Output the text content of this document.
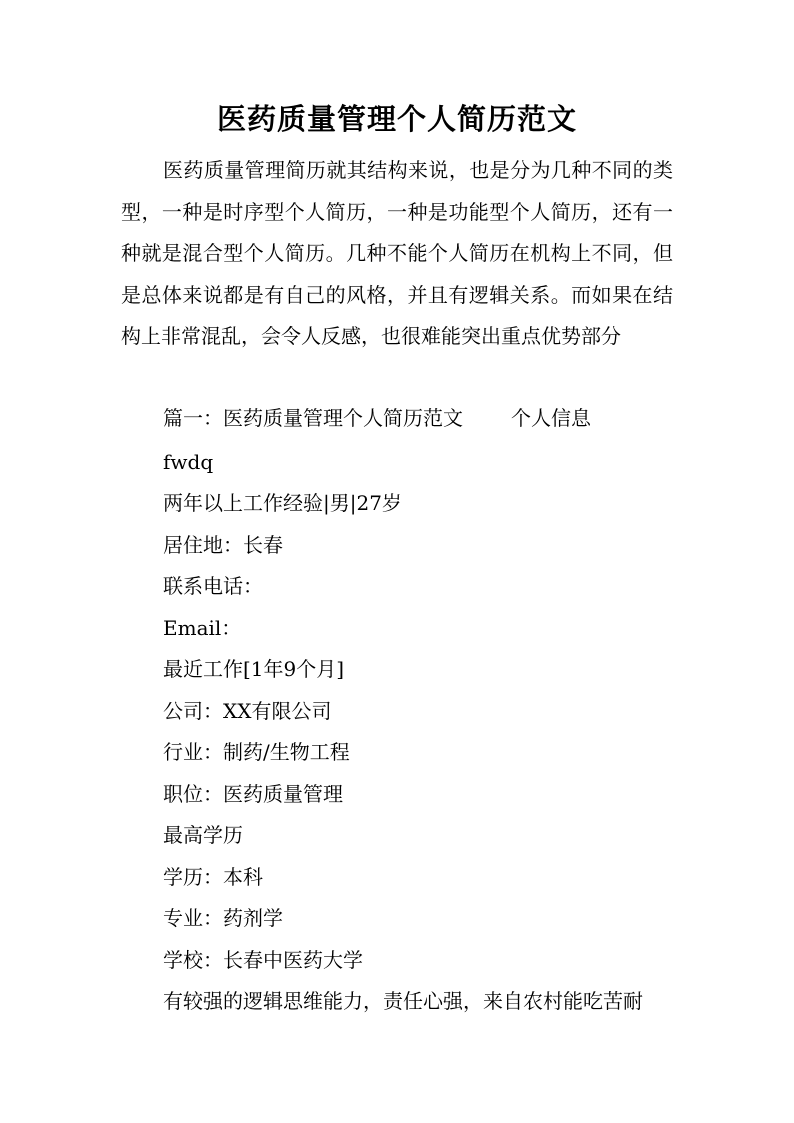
医药质量管理个人简历范文

医药质量管理简历就其结构来说，也是分为几种不同的类型，一种是时序型个人简历，一种是功能型个人简历，还有一种就是混合型个人简历。几种不能个人简历在机构上不同，但是总体来说都是有自己的风格，并且有逻辑关系。而如果在结构上非常混乱，会令人反感，也很难能突出重点优势部分

篇一：医药质量管理个人简历范文 个人信息

fwdq

两年以上工作经验|男|27岁

居住地：长春

联系电话：

Email：

最近工作[1年9个月]

公司：XX有限公司

行业：制药/生物工程

职位：医药质量管理

最高学历

学历：本科

专业：药剂学

学校：长春中医药大学

有较强的逻辑思维能力，责任心强，来自农村能吃苦耐
